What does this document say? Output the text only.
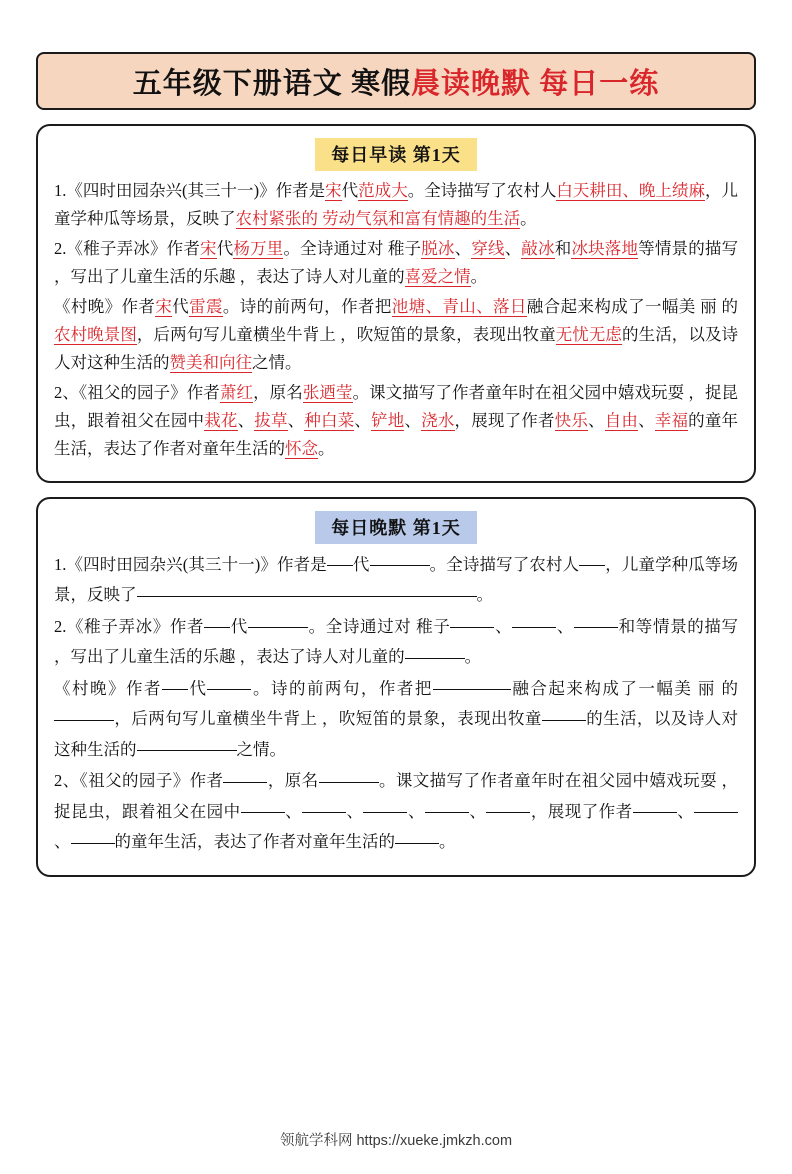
五年级下册语文 寒假晨读晚默 每日一练
每日早读 第1天

1.《四时田园杂兴(其三十一)》作者是宋代范成大。全诗描写了农村人白天耕田、晚上绩麻，儿童学种瓜等场景，反映了农村紧张的 劳动气氛和富有情趣的生活。

2.《稚子弄冰》作者宋代杨万里。全诗通过对 稚子脱冰、穿线、敲冰和冰块落地等情景的描写 ，写出了儿童生活的乐趣 ，表达了诗人对儿童的喜爱之情。

《村晚》作者宋代雷震。诗的前两句，作者把池塘、青山、落日融合起来构成了一幅美 丽 的农村晚景图，后两句写儿童横坐牛背上 ，吹短笛的景象，表现出牧童无忧无虑的生活，以及诗人对这种生活的赞美和向往之情。

2、《祖父的园子》作者萧红，原名张迺莹。课文描写了作者童年时在祖父园中嬉戏玩耍 ，捉昆虫，跟着祖父在园中栽花、拔草、种白菜、铲地、浇水，展现了作者快乐、自由、幸福的童年生活，表达了作者对童年生活的怀念。

每日晚默 第1天

1.《四时田园杂兴(其三十一)》作者是 代	。全诗描写了农村人 ，儿童学种瓜等场景，反映了	。

2.《稚子弄冰》作者 代	。全诗通过对 稚子	、	、	和等情景的描写 ，写出了儿童生活的乐趣 ，表达了诗人对儿童的	。

《村晚》作者 代	。诗的前两句，作者把	融合起来构成了一幅美 丽 的 ，后两句写儿童横坐牛背上 ，吹短笛的景象，表现出牧童	的生活，以及诗人对这种生活的	之情。

2、《祖父的园子》作者	，原名	。课文描写了作者童年时在祖父园中嬉戏玩耍 ，捉昆虫，跟着祖父在园中	、	、	、	、	，展现了作者	、 、	的童年生活，表达了作者对童年生活的	。

领航学科网 https://xueke.jmkzh.com
